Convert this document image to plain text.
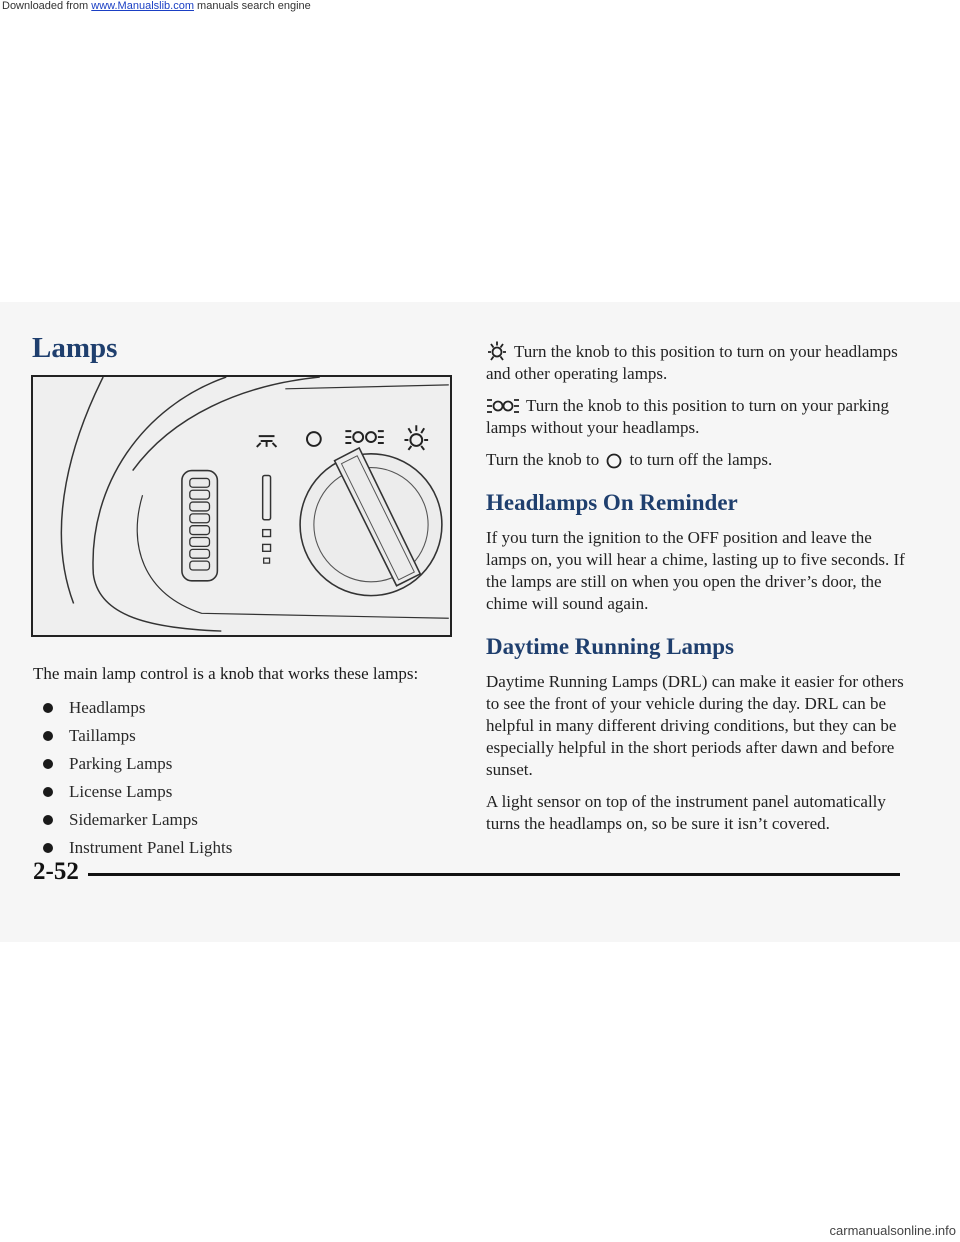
Downloaded from www.Manualslib.com manuals search engine
Lamps

The main lamp control is a knob that works these lamps:

Headlamps
Taillamps
Parking Lamps
License Lamps
Sidemarker Lamps
Instrument Panel Lights

Turn the knob to this position to turn on your headlamps and other operating lamps.

Turn the knob to this position to turn on your parking lamps without your headlamps.

Turn the knob to to turn off the lamps.

Headlamps On Reminder

If you turn the ignition to the OFF position and leave the lamps on, you will hear a chime, lasting up to five seconds. If the lamps are still on when you open the driver’s door, the chime will sound again.

Daytime Running Lamps

Daytime Running Lamps (DRL) can make it easier for others to see the front of your vehicle during the day. DRL can be helpful in many different driving conditions, but they can be especially helpful in the short periods after dawn and before sunset.

A light sensor on top of the instrument panel automatically turns the headlamps on, so be sure it isn’t covered.

2-52
carmanualsonline.info
